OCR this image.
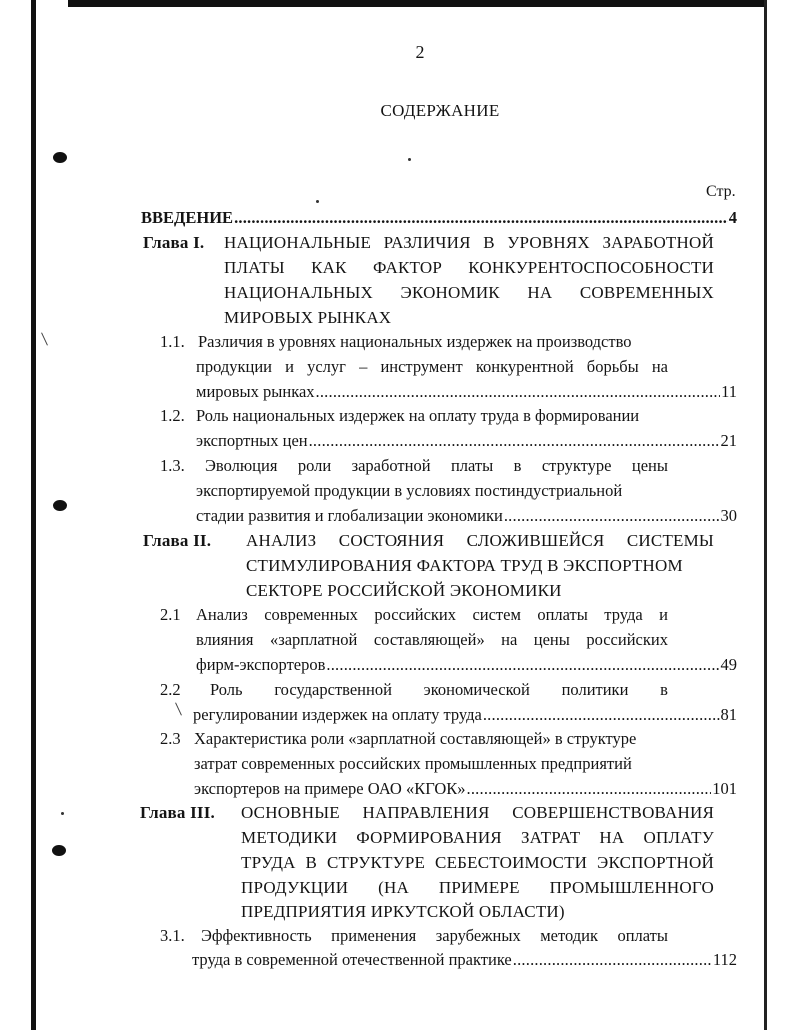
2
СОДЕРЖАНИЕ
Стр.
ВВЕДЕНИЕ .....	4
Глава I. НАЦИОНАЛЬНЫЕ РАЗЛИЧИЯ В УРОВНЯХ ЗАРАБОТНОЙ
ПЛАТЫ КАК ФАКТОР КОНКУРЕНТОСПОСОБНОСТИ
НАЦИОНАЛЬНЫХ ЭКОНОМИК НА СОВРЕМЕННЫХ
МИРОВЫХ РЫНКАХ
1.1. Различия в уровнях национальных издержек на производство
продукции и услуг – инструмент конкурентной борьбы на
мировых рынках .....	11
1.2. Роль национальных издержек на оплату труда в формировании
экспортных цен .....	21
1.3. Эволюция роли заработной платы в структуре цены
экспортируемой продукции в условиях постиндустриальной
стадии развития и глобализации экономики .....	30
Глава II. АНАЛИЗ СОСТОЯНИЯ СЛОЖИВШЕЙСЯ СИСТЕМЫ
СТИМУЛИРОВАНИЯ ФАКТОРА ТРУД В ЭКСПОРТНОМ
СЕКТОРЕ РОССИЙСКОЙ ЭКОНОМИКИ
2.1 Анализ современных российских систем оплаты труда и
влияния «зарплатной составляющей» на цены российских
фирм-экспортеров .....	49
2.2 Роль государственной экономической политики в
регулировании издержек на оплату труда .....	81
2.3 Характеристика роли «зарплатной составляющей» в структуре
затрат современных российских промышленных предприятий
экспортеров на примере ОАО «КГОК» .....	101
Глава III. ОСНОВНЫЕ НАПРАВЛЕНИЯ СОВЕРШЕНСТВОВАНИЯ
МЕТОДИКИ ФОРМИРОВАНИЯ ЗАТРАТ НА ОПЛАТУ
ТРУДА В СТРУКТУРЕ СЕБЕСТОИМОСТИ ЭКСПОРТНОЙ
ПРОДУКЦИИ (НА ПРИМЕРЕ ПРОМЫШЛЕННОГО
ПРЕДПРИЯТИЯ ИРКУТСКОЙ ОБЛАСТИ)
3.1. Эффективность применения зарубежных методик оплаты
труда в современной отечественной практике .....	112
